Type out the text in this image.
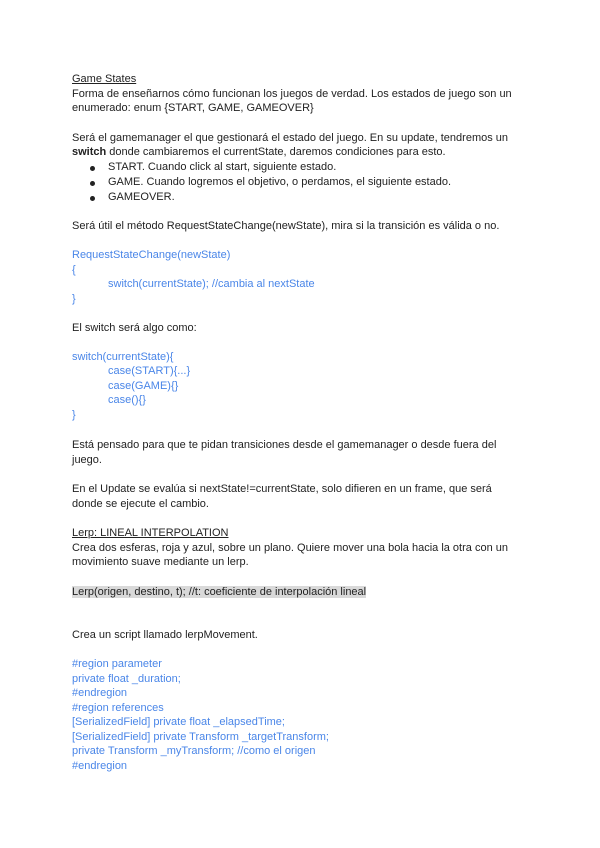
Game States
Forma de enseñarnos cómo funcionan los juegos de verdad. Los estados de juego son un
enumerado: enum {START, GAME, GAMEOVER}
Será el gamemanager el que gestionará el estado del juego. En su update, tendremos un
switch donde cambiaremos el currentState, daremos condiciones para esto.
START. Cuando click al start, siguiente estado.
GAME. Cuando logremos el objetivo, o perdamos, el siguiente estado.
GAMEOVER.
Será útil el método RequestStateChange(newState), mira si la transición es válida o no.
RequestStateChange(newState)
{
switch(currentState); //cambia al nextState
}
El switch será algo como:
switch(currentState){
case(START){...}
case(GAME){}
case(){}
}
Está pensado para que te pidan transiciones desde el gamemanager o desde fuera del
juego.
En el Update se evalúa si nextState!=currentState, solo difieren en un frame, que será
donde se ejecute el cambio.
Lerp: LINEAL INTERPOLATION
Crea dos esferas, roja y azul, sobre un plano. Quiere mover una bola hacia la otra con un
movimiento suave mediante un lerp.
Lerp(origen, destino, t); //t: coeficiente de interpolación lineal
Crea un script llamado lerpMovement.
#region parameter
private float _duration;
#endregion
#region references
[SerializedField] private float _elapsedTime;
[SerializedField] private Transform _targetTransform;
private Transform _myTransform; //como el origen
#endregion
